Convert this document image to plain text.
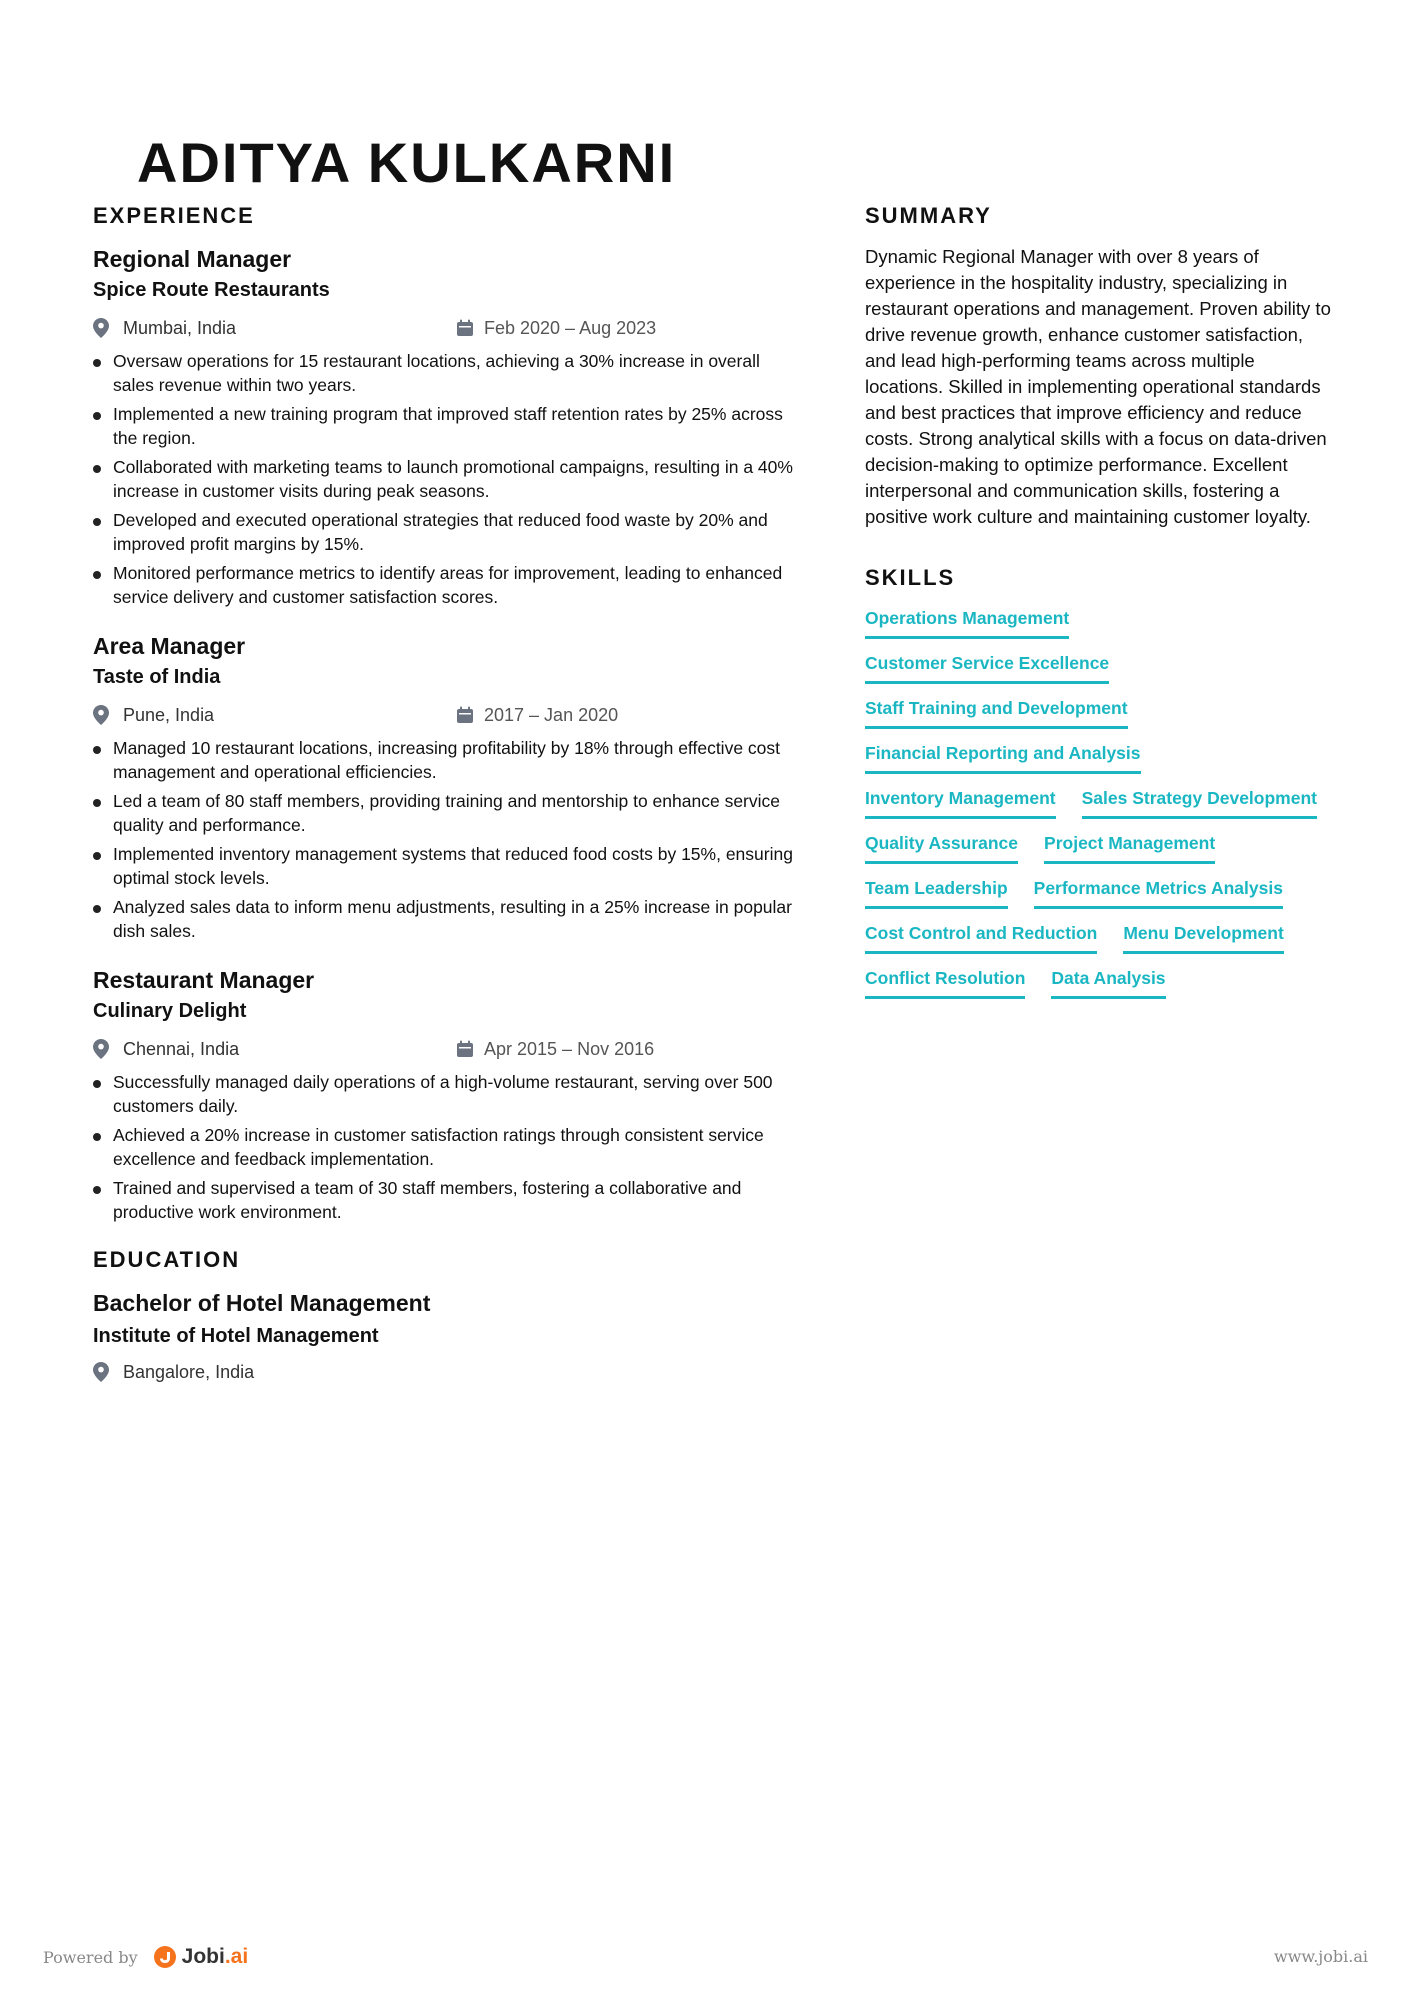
ADITYA KULKARNI
EXPERIENCE

Regional Manager

Spice Route Restaurants

Mumbai, India	Feb 2020 – Aug 2023
Oversaw operations for 15 restaurant locations, achieving a 30% increase in overall sales revenue within two years.
Implemented a new training program that improved staff retention rates by 25% across the region.
Collaborated with marketing teams to launch promotional campaigns, resulting in a 40% increase in customer visits during peak seasons.
Developed and executed operational strategies that reduced food waste by 20% and improved profit margins by 15%.
Monitored performance metrics to identify areas for improvement, leading to enhanced service delivery and customer satisfaction scores.

Area Manager

Taste of India

Pune, India	2017 – Jan 2020
Managed 10 restaurant locations, increasing profitability by 18% through effective cost management and operational efficiencies.
Led a team of 80 staff members, providing training and mentorship to enhance service quality and performance.
Implemented inventory management systems that reduced food costs by 15%, ensuring optimal stock levels.
Analyzed sales data to inform menu adjustments, resulting in a 25% increase in popular dish sales.

Restaurant Manager

Culinary Delight

Chennai, India	Apr 2015 – Nov 2016
Successfully managed daily operations of a high-volume restaurant, serving over 500 customers daily.
Achieved a 20% increase in customer satisfaction ratings through consistent service excellence and feedback implementation.
Trained and supervised a team of 30 staff members, fostering a collaborative and productive work environment.
EDUCATION

Bachelor of Hotel Management

Institute of Hotel Management

Bangalore, India
SUMMARY

Dynamic Regional Manager with over 8 years of experience in the hospitality industry, specializing in restaurant operations and management. Proven ability to drive revenue growth, enhance customer satisfaction, and lead high-performing teams across multiple locations. Skilled in implementing operational standards and best practices that improve efficiency and reduce costs. Strong analytical skills with a focus on data-driven decision-making to optimize performance. Excellent interpersonal and communication skills, fostering a positive work culture and maintaining customer loyalty.

SKILLS
Operations Management
Customer Service Excellence
Staff Training and Development
Financial Reporting and Analysis
Inventory Management Sales Strategy Development
Quality Assurance Project Management
Team Leadership Performance Metrics Analysis
Cost Control and Reduction Menu Development
Conflict Resolution Data Analysis
Powered by Jobi.ai	www.jobi.ai
